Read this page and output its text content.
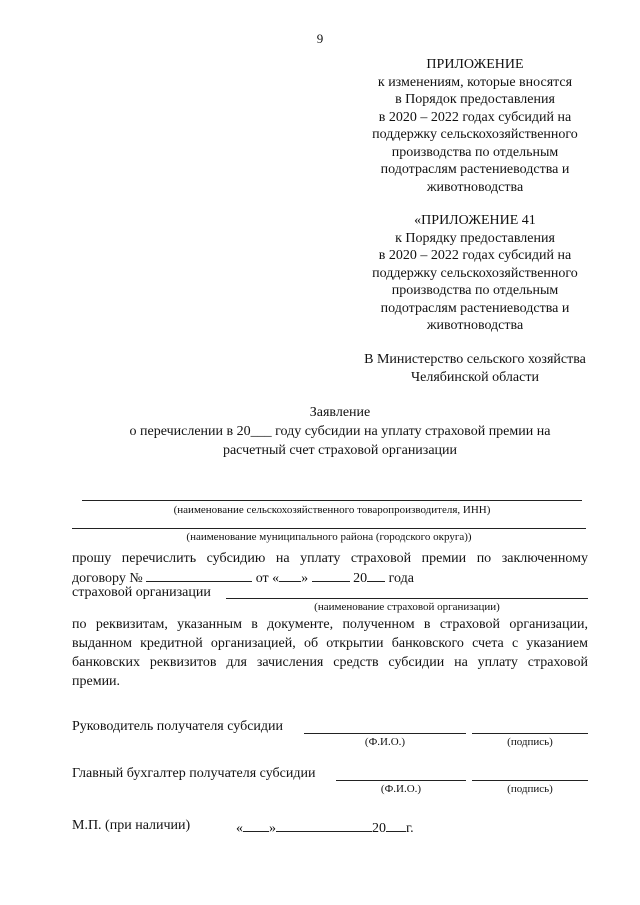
9
ПРИЛОЖЕНИЕ
к изменениям, которые вносятся
в Порядок предоставления
в 2020 – 2022 годах субсидий на
поддержку сельскохозяйственного
производства по отдельным
подотраслям растениеводства и
животноводства
«ПРИЛОЖЕНИЕ 41
к Порядку предоставления
в 2020 – 2022 годах субсидий на
поддержку сельскохозяйственного
производства по отдельным
подотраслям растениеводства и
животноводства
В Министерство сельского хозяйства
Челябинской области
Заявление
о перечислении в 20___ году субсидии на уплату страховой премии на
расчетный счет страховой организации
(наименование сельскохозяйственного товаропроизводителя, ИНН)
(наименование муниципального района (городского округа))
прошу перечислить субсидию на уплату страховой премии по заключенному
договору №	от « »	20 года
страховой организации
(наименование страховой организации)
по реквизитам, указанным в документе, полученном в страховой организации,
выданном кредитной организацией, об открытии банковского счета с указанием
банковских реквизитов для зачисления средств субсидии на уплату страховой
премии.
Руководитель получателя субсидии
(Ф.И.О.)	(подпись)
Главный бухгалтер получателя субсидии
(Ф.И.О.)	(подпись)
М.П. (при наличии)	« »	20 г.
